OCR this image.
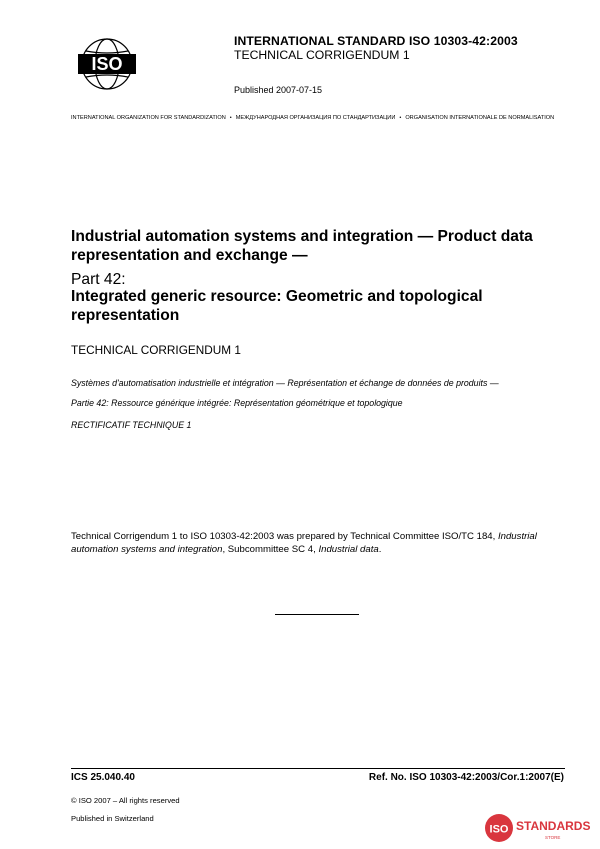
ISO
INTERNATIONAL STANDARD ISO 10303-42:2003
TECHNICAL CORRIGENDUM 1
Published 2007-07-15
INTERNATIONAL ORGANIZATION FOR STANDARDIZATION • МЕЖДУНАРОДНАЯ ОРГАНИЗАЦИЯ ПО СТАНДАРТИЗАЦИИ • ORGANISATION INTERNATIONALE DE NORMALISATION
Industrial automation systems and integration — Product data representation and exchange —
Part 42:
Integrated generic resource: Geometric and topological representation
TECHNICAL CORRIGENDUM 1
Systèmes d'automatisation industrielle et intégration — Représentation et échange de données de produits —
Partie 42: Ressource générique intégrée: Représentation géométrique et topologique
RECTIFICATIF TECHNIQUE 1
Technical Corrigendum 1 to ISO 10303-42:2003 was prepared by Technical Committee ISO/TC 184, Industrial automation systems and integration, Subcommittee SC 4, Industrial data.
ICS 25.040.40	Ref. No. ISO 10303-42:2003/Cor.1:2007(E)
© ISO 2007 – All rights reserved
Published in Switzerland
ISO STANDARDS
STORE
